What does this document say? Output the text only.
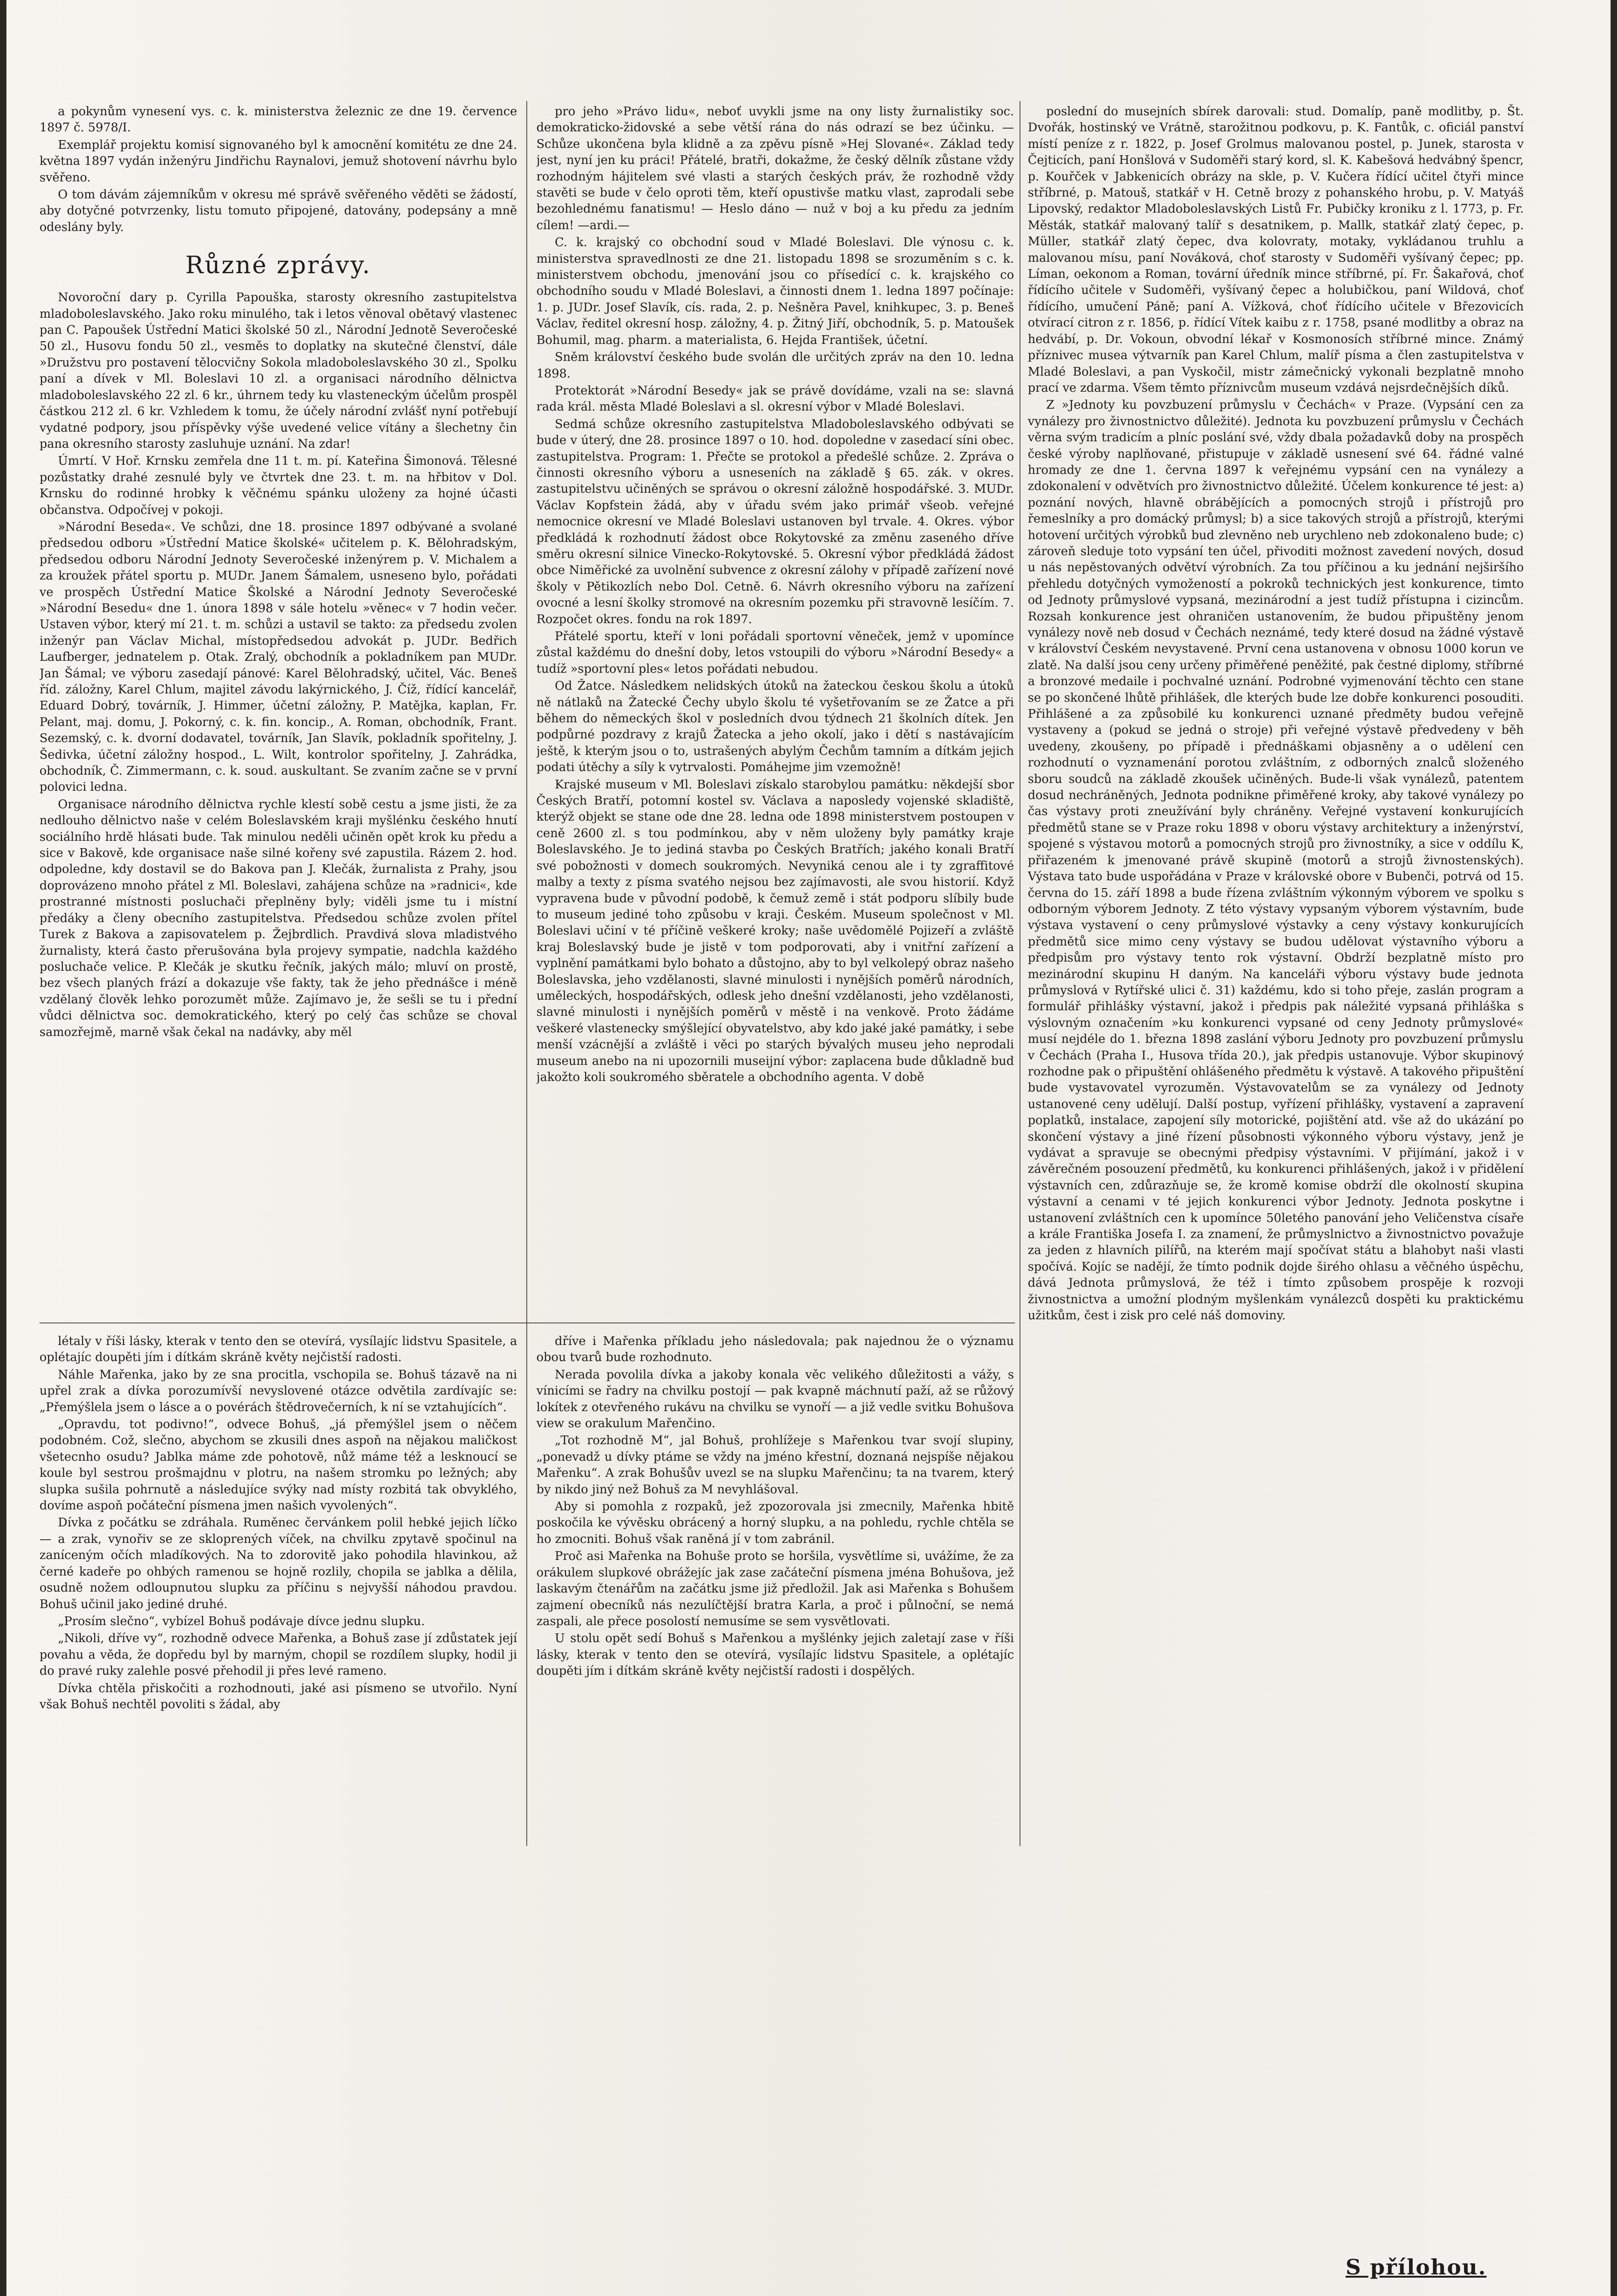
a pokynům vynesení vys. c. k. ministerstva železnic ze dne 19. července 1897 č. 5978/I.

Exemplář projektu komisí signovaného byl k amocnění komitétu ze dne 24. května 1897 vydán inženýru Jindřichu Raynalovi, jemuž shotovení návrhu bylo svěřeno.

O tom dávám zájemníkům v okresu mé správě svěřeného věděti se žádostí, aby dotyčné potvrzenky, listu tomuto připojené, datovány, podepsány a mně odeslány byly.

Různé zprávy.

Novoroční dary p. Cyrilla Papouška, starosty okresního zastupitelstva mladoboleslavského. Jako roku minulého, tak i letos věnoval obětavý vlastenec pan C. Papoušek Ústřední Matici školské 50 zl., Národní Jednotě Severočeské 50 zl., Husovu fondu 50 zl., vesměs to doplatky na skutečné členství, dále »Družstvu pro postavení tělocvičny Sokola mladoboleslavského 30 zl., Spolku paní a dívek v Ml. Boleslavi 10 zl. a organisaci národního dělnictva mladoboleslavského 22 zl. 6 kr., úhrnem tedy ku vlasteneckým účelům prospěl částkou 212 zl. 6 kr. Vzhledem k tomu, že účely národní zvlášť nyní potřebují vydatné podpory, jsou příspěvky výše uvedené velice vítány a šlechetny čin pana okresního starosty zasluhuje uznání. Na zdar!

Úmrtí. V Hoř. Krnsku zemřela dne 11 t. m. pí. Kateřina Šimonová. Tělesné pozůstatky drahé zesnulé byly ve čtvrtek dne 23. t. m. na hřbitov v Dol. Krnsku do rodinné hrobky k věčnému spánku uloženy za hojné účasti občanstva. Odpočívej v pokoji.

»Národní Beseda«. Ve schůzi, dne 18. prosince 1897 odbývané a svolané předsedou odboru »Ústřední Matice školské« učitelem p. K. Bělohradským, předsedou odboru Národní Jednoty Severočeské inženýrem p. V. Michalem a za kroužek přátel sportu p. MUDr. Janem Šámalem, usneseno bylo, pořádati ve prospěch Ústřední Matice Školské a Národní Jednoty Severočeské »Národní Besedu« dne 1. února 1898 v sále hotelu »věnec« v 7 hodin večer. Ustaven výbor, který mí 21. t. m. schůzi a ustavil se takto: za předsedu zvolen inženýr pan Václav Michal, místopředsedou advokát p. JUDr. Bedřich Laufberger, jednatelem p. Otak. Zralý, obchodník a pokladníkem pan MUDr. Jan Šámal; ve výboru zasedají pánové: Karel Bělohradský, učitel, Vác. Beneš říd. záložny, Karel Chlum, majitel závodu lakýrnického, J. Číž, řídící kancelář, Eduard Dobrý, továrník, J. Himmer, účetní záložny, P. Matějka, kaplan, Fr. Pelant, maj. domu, J. Pokorný, c. k. fin. koncip., A. Roman, obchodník, Frant. Sezemský, c. k. dvorní dodavatel, továrník, Jan Slavík, pokladník spořitelny, J. Šedivka, účetní záložny hospod., L. Wilt, kontrolor spořitelny, J. Zahrádka, obchodník, Č. Zimmermann, c. k. soud. auskultant. Se zvaním začne se v první polovici ledna.

Organisace národního dělnictva rychle klestí sobě cestu a jsme jisti, že za nedlouho dělnictvo naše v celém Boleslavském kraji myšlénku českého hnutí sociálního hrdě hlásati bude. Tak minulou neděli učiněn opět krok ku předu a sice v Bakově, kde organisace naše silné kořeny své zapustila. Rázem 2. hod. odpoledne, kdy dostavil se do Bakova pan J. Klečák, žurnalista z Prahy, jsou doprovázeno mnoho přátel z Ml. Boleslavi, zahájena schůze na »radnici«, kde prostranné místnosti posluchači přeplněny byly; viděli jsme tu i místní předáky a členy obecního zastupitelstva. Předsedou schůze zvolen přítel Turek z Bakova a zapisovatelem p. Žejbrdlich. Pravdivá slova mladistvého žurnalisty, která často přerušována byla projevy sympatie, nadchla každého posluchače velice. P. Klečák je skutku řečník, jakých málo; mluví on prostě, bez všech planých frází a dokazuje vše fakty, tak že jeho přednášce i méně vzdělaný člověk lehko porozumět může. Zajímavo je, že sešli se tu i přední vůdci dělnictva soc. demokratického, který po celý čas schůze se choval samozřejmě, marně však čekal na nadávky, aby měl

pro jeho »Právo lidu«, neboť uvykli jsme na ony listy žurnalistiky soc. demokraticko-židovské a sebe větší rána do nás odrazí se bez účinku. — Schůze ukončena byla klidně a za zpěvu písně »Hej Slované«. Základ tedy jest, nyní jen ku práci! Přátelé, bratři, dokažme, že český dělník zůstane vždy rozhodným hájitelem své vlasti a starých českých práv, že rozhodně vždy stavěti se bude v čelo oproti těm, kteří opustivše matku vlast, zaprodali sebe bezohlednému fanatismu! — Heslo dáno — nuž v boj a ku předu za jedním cílem! —ardi.—

C. k. krajský co obchodní soud v Mladé Boleslavi. Dle výnosu c. k. ministerstva spravedlnosti ze dne 21. listopadu 1898 se srozuměním s c. k. ministerstvem obchodu, jmenování jsou co přísedící c. k. krajského co obchodního soudu v Mladé Boleslavi, a činnosti dnem 1. ledna 1897 počínaje: 1. p. JUDr. Josef Slavík, cís. rada, 2. p. Nešněra Pavel, knihkupec, 3. p. Beneš Václav, ředitel okresní hosp. záložny, 4. p. Žitný Jiří, obchodník, 5. p. Matoušek Bohumil, mag. pharm. a materialista, 6. Hejda František, účetní.

Sněm království českého bude svolán dle určitých zpráv na den 10. ledna 1898.

Protektorát »Národní Besedy« jak se právě dovídáme, vzali na se: slavná rada král. města Mladé Boleslavi a sl. okresní výbor v Mladé Boleslavi.

Sedmá schůze okresního zastupitelstva Mladoboleslavského odbývati se bude v úterý, dne 28. prosince 1897 o 10. hod. dopoledne v zasedací síni obec. zastupitelstva. Program: 1. Přečte se protokol a předešlé schůze. 2. Zpráva o činnosti okresního výboru a usneseních na základě § 65. zák. v okres. zastupitelstvu učiněných se správou o okresní záložně hospodářské. 3. MUDr. Václav Kopfstein žádá, aby v úřadu svém jako primář všeob. veřejné nemocnice okresní ve Mladé Boleslavi ustanoven byl trvale. 4. Okres. výbor předkládá k rozhodnutí žádost obce Rokytovské za změnu zaseného dříve směru okresní silnice Vinecko-Rokytovské. 5. Okresní výbor předkládá žádost obce Niměřické za uvolnění subvence z okresní zálohy v případě zařízení nové školy v Pětikozlích nebo Dol. Cetně. 6. Návrh okresního výboru na zařízení ovocné a lesní školky stromové na okresním pozemku při stravovně lesíčím. 7. Rozpočet okres. fondu na rok 1897.

Přátelé sportu, kteří v loni pořádali sportovní věneček, jemž v upomínce zůstal každému do dnešní doby, letos vstoupili do výboru »Národní Besedy« a tudíž »sportovní ples« letos pořádati nebudou.

Od Žatce. Následkem nelidských útoků na žateckou českou školu a útoků ně nátlaků na Žatecké Čechy ubylo školu té vyšetřovaním se ze Žatce a při během do německých škol v posledních dvou týdnech 21 školních dítek. Jen podpůrné pozdravy z krajů Žatecka a jeho okolí, jako i dětí s nastávajícím ještě, k kterým jsou o to, ustrašených abylým Čechům tamním a dítkám jejich podati útěchy a síly k vytrvalosti. Pomáhejme jim vzemožně!

Krajské museum v Ml. Boleslavi získalo starobylou památku: někdejší sbor Českých Bratří, potomní kostel sv. Václava a naposledy vojenské skladiště, kterýž objekt se stane ode dne 28. ledna ode 1898 ministerstvem postoupen v ceně 2600 zl. s tou podmínkou, aby v něm uloženy byly památky kraje Boleslavského. Je to jediná stavba po Českých Bratřích; jakého konali Bratří své pobožnosti v domech soukromých. Nevyniká cenou ale i ty zgraffitové malby a texty z písma svatého nejsou bez zajímavosti, ale svou historií. Když vypravena bude v původní podobě, k čemuž země i stát podporu slíbily bude to museum jediné toho způsobu v kraji. Českém. Museum společnost v Ml. Boleslavi učiní v té příčině veškeré kroky; naše uvědomělé Pojizeří a zvláště kraj Boleslavský bude je jistě v tom podporovati, aby i vnitřní zařízení a vyplnění památkami bylo bohato a důstojno, aby to byl velkolepý obraz našeho Boleslavska, jeho vzdělanosti, slavné minulosti i nynějších poměrů národních, uměleckých, hospodářských, odlesk jeho dnešní vzdělanosti, jeho vzdělanosti, slavné minulosti i nynějších poměrů v městě i na venkově. Proto žádáme veškeré vlastenecky smýšlející obyvatelstvo, aby kdo jaké jaké památky, i sebe menší vzácnější a zvláště i věci po starých bývalých museu jeho neprodali museum anebo na ni upozornili museijní výbor: zaplacena bude důkladně buď jakožto koli soukromého sběratele a obchodního agenta. V době

poslední do musejních sbírek darovali: stud. Domalíp, paně modlitby, p. Št. Dvořák, hostinský ve Vrátně, starožitnou podkovu, p. K. Fantůk, c. oficiál panství místí peníze z r. 1822, p. Josef Grolmus malovanou postel, p. Junek, starosta v Čejticích, paní Honšlová v Sudoměři starý kord, sl. K. Kabešová hedvábný špencr, p. Kouřček v Jabkenicích obrázy na skle, p. V. Kučera řídící učitel čtyři mince stříbrné, p. Matouš, statkář v H. Cetně brozy z pohanského hrobu, p. V. Matyáš Lipovský, redaktor Mladoboleslavských Listů Fr. Pubičky kroniku z l. 1773, p. Fr. Městák, statkář malovaný talíř s desatnikem, p. Mallk, statkář zlatý čepec, p. Müller, statkář zlatý čepec, dva kolovraty, motaky, vykládanou truhlu a malovanou mísu, paní Nováková, choť starosty v Sudoměři vyšívaný čepec; pp. Líman, oekonom a Roman, tovární úředník mince stříbrné, pí. Fr. Šakařová, choť řídícího učitele v Sudoměři, vyšívaný čepec a holubičkou, paní Wildová, choť řídícího, umučení Páně; paní A. Vížková, choť řídícího učitele v Březovicích otvírací citron z r. 1856, p. řídící Vítek kaibu z r. 1758, psané modlitby a obraz na hedvábí, p. Dr. Vokoun, obvodní lékař v Kosmonosích stříbrné mince. Známý příznivec musea výtvarník pan Karel Chlum, malíř písma a člen zastupitelstva v Mladé Boleslavi, a pan Vyskočil, mistr zámečnický vykonali bezplatně mnoho prací ve zdarma. Všem těmto příznivcům museum vzdává nejsrdečnějších díků.

Z »Jednoty ku povzbuzení průmyslu v Čechách« v Praze. (Vypsání cen za vynálezy pro živnostnictvo důležité). Jednota ku povzbuzení průmyslu v Čechách věrna svým tradicím a plníc poslání své, vždy dbala požadavků doby na prospěch české výroby naplňované, přistupuje v základě usnesení své 64. řádné valné hromady ze dne 1. června 1897 k veřejnému vypsání cen na vynálezy a zdokonalení v odvětvích pro živnostnictvo důležité. Účelem konkurence té jest: a) poznání nových, hlavně obrábějících a pomocných strojů i přístrojů pro řemeslníky a pro domácký průmysl; b) a sice takových strojů a přístrojů, kterými hotovení určitých výrobků bud zlevněno neb urychleno neb zdokonaleno bude; c) zároveň sleduje toto vypsání ten účel, přivoditi možnost zavedení nových, dosud u nás nepěstovaných odvětví výrobních. Za tou příčinou a ku jednání nejširšího přehledu dotyčných vymožeností a pokroků technických jest konkurence, timto od Jednoty průmyslové vypsaná, mezinárodní a jest tudíž přístupna i cizincům. Rozsah konkurence jest ohraničen ustanovením, že budou připuštěny jenom vynálezy nově neb dosud v Čechách neznámé, tedy které dosud na žádné výstavě v království Českém nevystavené. První cena ustanovena v obnosu 1000 korun ve zlatě. Na další jsou ceny určeny přiměřené peněžité, pak čestné diplomy, stříbrné a bronzové medaile i pochvalné uznání. Podrobné vyjmenování těchto cen stane se po skončené lhůtě přihlášek, dle kterých bude lze dobře konkurenci posouditi. Přihlášené a za způsobilé ku konkurenci uznané předměty budou veřejně vystaveny a (pokud se jedná o stroje) při veřejné výstavě předvedeny v běh uvedeny, zkoušeny, po případě i přednáškami objasněny a o udělení cen rozhodnutí o vyznamenání porotou zvláštním, z odborných znalců složeného sboru soudců na základě zkoušek učiněných. Bude-li však vynálezů, patentem dosud nechráněných, Jednota podnikne přiměřené kroky, aby takové vynálezy po čas výstavy proti zneužívání byly chráněny. Veřejné vystavení konkurujících předmětů stane se v Praze roku 1898 v oboru výstavy architektury a inženýrství, spojené s výstavou motorů a pomocných strojů pro živnostníky, a sice v oddílu K, přiřazeném k jmenované právě skupině (motorů a strojů živnostenských). Výstava tato bude uspořádána v Praze v královské obore v Bubenči, potrvá od 15. června do 15. září 1898 a bude řízena zvláštním výkonným výborem ve spolku s odborným výborem Jednoty. Z této výstavy vypsaným výborem výstavním, bude výstava vystavení o ceny průmyslové výstavky a ceny výstavy konkurujících předmětů sice mimo ceny výstavy se budou udělovat výstavního výboru a předpisům pro výstavy tento rok výstavní. Obdrží bezplatně místo pro mezinárodní skupinu H daným. Na kanceláři výboru výstavy bude jednota průmyslová v Rytířské ulici č. 31) každému, kdo si toho přeje, zaslán program a formulář přihlášky výstavní, jakož i předpis pak náležité vypsaná přihláška s výslovným označením »ku konkurenci vypsané od ceny Jednoty průmyslové« musí nejdéle do 1. března 1898 zaslání výboru Jednoty pro povzbuzení průmyslu v Čechách (Praha I., Husova třída 20.), jak předpis ustanovuje. Výbor skupinový rozhodne pak o připuštění ohlášeného předmětu k výstavě. A takového připuštění bude vystavovatel vyrozuměn. Výstavovatelům se za vynálezy od Jednoty ustanovené ceny udělují. Další postup, vyřízení přihlášky, vystavení a zapravení poplatků, instalace, zapojení síly motorické, pojištění atd. vše až do ukázání po skončení výstavy a jiné řízení působnosti výkonného výboru výstavy, jenž je vydávat a spravuje se obecnými předpisy výstavními. V přijímání, jakož i v závěrečném posouzení předmětů, ku konkurenci přihlášených, jakož i v přidělení výstavních cen, zdůrazňuje se, že kromě komise obdrží dle okolností skupina výstavní a cenami v té jejich konkurenci výbor Jednoty. Jednota poskytne i ustanovení zvláštních cen k upomínce 50letého panování jeho Veličenstva císaře a krále Františka Josefa I. za znamení, že průmyslnictvo a živnostnictvo považuje za jeden z hlavních pilířů, na kterém mají spočívat státu a blahobyt naši vlasti spočívá. Kojíc se nadějí, že tímto podnik dojde širého ohlasu a věčného úspěchu, dává Jednota průmyslová, že též i tímto způsobem prospěje k rozvoji živnostnictva a umožní plodným myšlenkám vynálezců dospěti ku praktickému užitkům, čest i zisk pro celé náš domoviny.

létaly v říši lásky, kterak v tento den se otevírá, vysílajíc lidstvu Spasitele, a oplétajíc doupěti jím i dítkám skráně květy nejčistší radosti.

Náhle Mařenka, jako by ze sna procitla, vschopila se. Bohuš tázavě na ni upřel zrak a dívka porozumívší nevyslovené otázce odvětila zardívajíc se: „Přemýšlela jsem o lásce a o povérách štědrovečerních, k ní se vztahujících“.

„Opravdu, tot podivno!“, odvece Bohuš, „já přemýšlel jsem o něčem podobném. Což, slečno, abychom se zkusili dnes aspoň na nějakou maličkost všetecnho osudu? Jablka máme zde pohotově, nůž máme též a lesknoucí se koule byl sestrou prošmajdnu v plotru, na našem stromku po ležných; aby slupka sušila pohrnutě a následujíce svýky nad místy rozbitá tak obvyklého, dovíme aspoň počáteční písmena jmen našich vyvolených“.

Dívka z počátku se zdráhala. Ruměnec červánkem polil hebké jejich líčko — a zrak, vynořiv se ze skloprených víček, na chvilku zpytavě spočinul na zaníceným očích mladíkových. Na to zdorovitě jako pohodila hlavinkou, až černé kadeře po ohbých ramenou se hojně rozlily, chopila se jablka a dělila, osudně nožem odloupnutou slupku za příčinu s nejvyšší náhodou pravdou. Bohuš učinil jako jediné druhé.

„Prosím slečno“, vybízel Bohuš podávaje dívce jednu slupku.

„Nikoli, dříve vy“, rozhodně odvece Mařenka, a Bohuš zase jí zdůstatek její povahu a věda, že dopředu byl by marným, chopil se rozdílem slupky, hodil ji do pravé ruky zalehle posvé přehodil ji přes levé rameno.

Dívka chtěla přiskočiti a rozhodnouti, jaké asi písmeno se utvořilo. Nyní však Bohuš nechtěl povoliti s žádal, aby

dříve i Mařenka příkladu jeho následovala; pak najednou že o významu obou tvarů bude rozhodnuto.

Nerada povolila dívka a jakoby konala věc velikého důležitosti a vážy, s vínicími se řadry na chvilku postojí — pak kvapně máchnutí paží, až se růžový lokítek z otevřeného rukávu na chvilku se vynoří — a již vedle svitku Bohušova view se orakulum Mařenčino.

„Tot rozhodně M“, jal Bohuš, prohlížeje s Mařenkou tvar svojí slupiny, „ponevadž u dívky ptáme se vždy na jméno křestní, doznaná nejspíše nějakou Mařenku“. A zrak Bohušův uvezl se na slupku Mařenčinu; ta na tvarem, který by nikdo jiný než Bohuš za M nevyhlášoval.

Aby si pomohla z rozpaků, jež zpozorovala jsi zmecnily, Mařenka hbitě poskočila ke vývěsku obrácený a horný slupku, a na pohledu, rychle chtěla se ho zmocniti. Bohuš však raněná jí v tom zabránil.

Proč asi Mařenka na Bohuše proto se horšila, vysvětlíme si, uvážíme, že za orákulem slupkové obrážejíc jak zase začáteční písmena jména Bohušova, jež laskavým čtenářům na začátku jsme již předložil. Jak asi Mařenka s Bohušem zajmení obecníků nás nezulíčtější bratra Karla, a proč i půlnoční, se nemá zaspali, ale přece posolostí nemusíme se sem vysvětlovati.

U stolu opět sedí Bohuš s Mařenkou a myšlénky jejich zaletají zase v říši lásky, kterak v tento den se otevírá, vysílajíc lidstvu Spasitele, a oplétajíc doupěti jím i dítkám skráně květy nejčistší radosti i dospělých.

S přílohou.
